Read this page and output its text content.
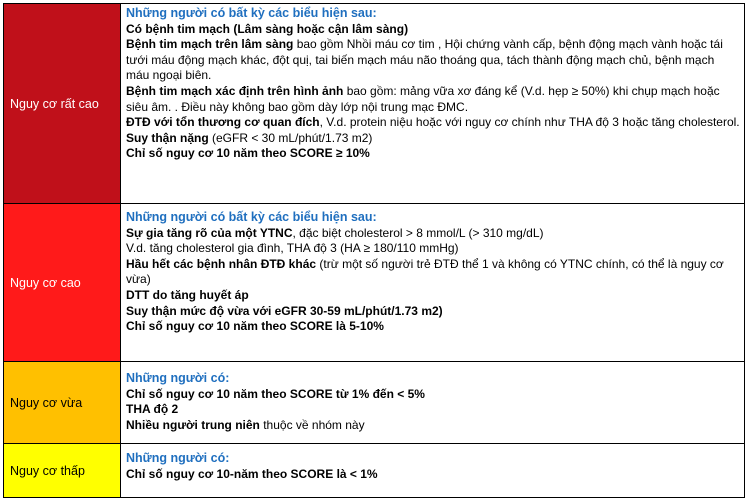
Nguy cơ rất cao
Những người có bất kỳ các biểu hiện sau:
Có bệnh tim mạch (Lâm sàng hoặc cận lâm sàng)
Bệnh tim mạch trên lâm sàng bao gồm Nhồi máu cơ tim , Hội chứng vành cấp, bệnh động mạch vành hoặc tái tưới máu động mạch khác, đột quị, tai biến mạch máu não thoáng qua, tách thành động mạch chủ, bệnh mạch máu ngoại biên.
Bệnh tim mạch xác định trên hình ảnh bao gồm: mảng vữa xơ đáng kể (V.d. hẹp ≥ 50%) khi chụp mạch hoặc siêu âm. . Điều này không bao gồm dày lớp nội trung mạc ĐMC.
ĐTĐ với tổn thương cơ quan đích, V.d. protein niệu hoặc với nguy cơ chính như THA độ 3 hoặc tăng cholesterol.
Suy thận nặng (eGFR < 30 mL/phút/1.73 m2)
Chỉ số nguy cơ 10 năm theo SCORE ≥ 10%
Nguy cơ cao
Những người có bất kỳ các biểu hiện sau:
Sự gia tăng rõ của một YTNC, đặc biệt cholesterol > 8 mmol/L (> 310 mg/dL)
V.d. tăng cholesterol gia đình, THA độ 3 (HA ≥ 180/110 mmHg)
Hầu hết các bệnh nhân ĐTĐ khác (trừ một số người trẻ ĐTĐ thể 1 và không có YTNC chính, có thể là nguy cơ vừa)
DTT do tăng huyết áp
Suy thận mức độ vừa với eGFR 30-59 mL/phút/1.73 m2)
Chỉ số nguy cơ 10 năm theo SCORE là 5-10%
Nguy cơ vừa
Những người có:
Chỉ số nguy cơ 10 năm theo SCORE từ 1% đến < 5%
THA độ 2
Nhiều người trung niên thuộc về nhóm này
Nguy cơ thấp
Những người có:
Chỉ số nguy cơ 10-năm theo SCORE là < 1%
